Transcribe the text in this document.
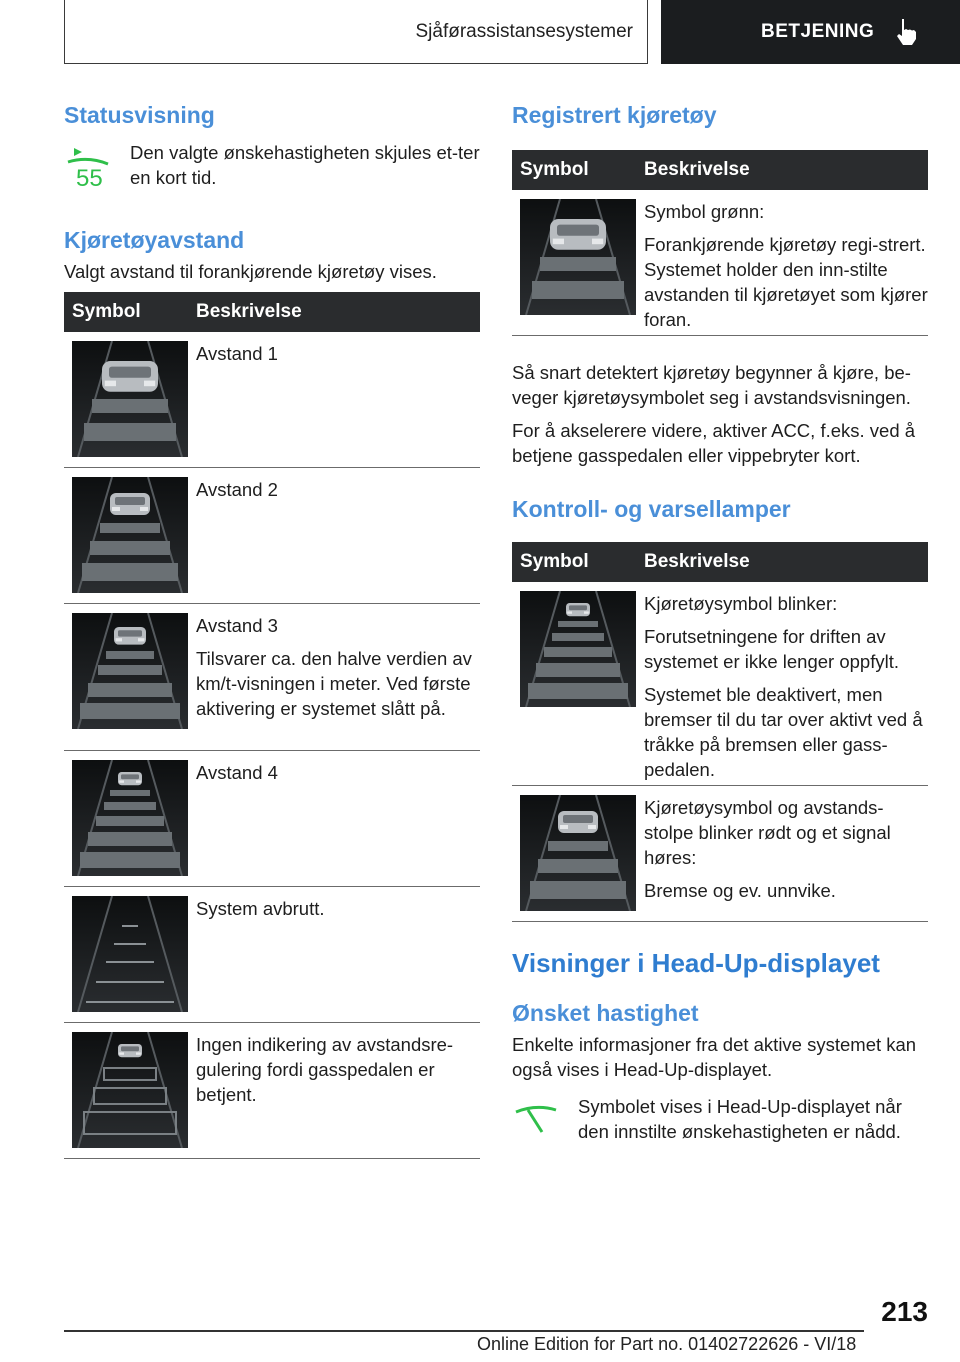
Sjåførassistansesystemer	BETJENING
Statusvisning
55

Den valgte ønskehastigheten skjules et-ter en kort tid.

Kjøretøyavstand

Valgt avstand til forankjørende kjøretøy vises.

Symbol	Beskrivelse

Avstand 1

Avstand 2

Avstand 3

Tilsvarer ca. den halve verdien av km/t-visningen i meter. Ved første aktivering er systemet slått på.

Avstand 4

System avbrutt.

Ingen indikering av avstandsre-gulering fordi gasspedalen er betjent.

Registrert kjøretøy
Symbol	Beskrivelse

Symbol grønn:

Forankjørende kjøretøy regi-strert. Systemet holder den inn-stilte avstanden til kjøretøyet som kjører foran.

Så snart detektert kjøretøy begynner å kjøre, be-veger kjøretøysymbolet seg i avstandsvisningen.

For å akselerere videre, aktiver ACC, f.eks. ved å betjene gasspedalen eller vippebryter kort.

Kontroll- og varsellamper
Symbol	Beskrivelse

Kjøretøysymbol blinker:

Forutsetningene for driften av systemet er ikke lenger oppfylt.

Systemet ble deaktivert, men bremser til du tar over aktivt ved å tråkke på bremsen eller gass-pedalen.

Kjøretøysymbol og avstands-stolpe blinker rødt og et signal høres:

Bremse og ev. unnvike.

Visninger i Head-Up-displayet
Ønsket hastighet

Enkelte informasjoner fra det aktive systemet kan også vises i Head-Up-displayet.

Symbolet vises i Head-Up-displayet når den innstilte ønskehastigheten er nådd.

213
Online Edition for Part no. 01402722626 - VI/18
